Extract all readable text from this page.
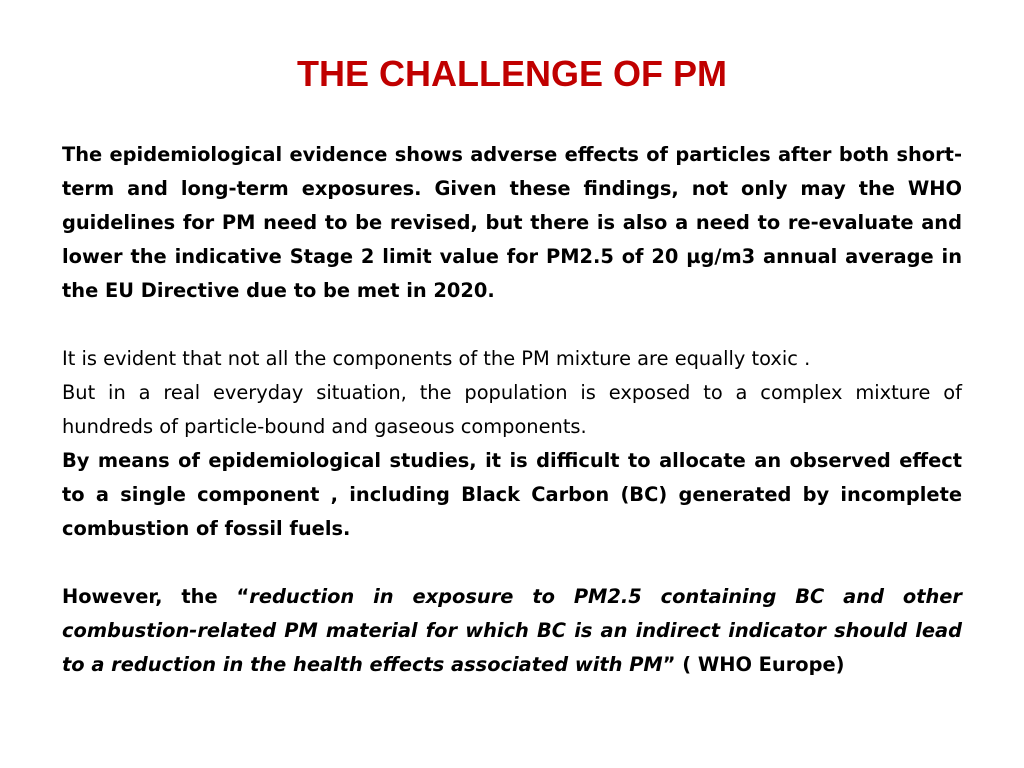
THE CHALLENGE OF PM

The epidemiological evidence shows adverse effects of particles after both short-term and long-term exposures. Given these findings, not only may the WHO guidelines for PM need to be revised, but there is also a need to re-evaluate and lower the indicative Stage 2 limit value for PM2.5 of 20 µg/m3 annual average in the EU Directive due to be met in 2020.

It is evident that not all the components of the PM mixture are equally toxic .

But in a real everyday situation, the population is exposed to a complex mixture of hundreds of particle-bound and gaseous components.

By means of epidemiological studies, it is difficult to allocate an observed effect to a single component , including Black Carbon (BC) generated by incomplete combustion of fossil fuels.

However, the “reduction in exposure to PM2.5 containing BC and other combustion-related PM material for which BC is an indirect indicator should lead to a reduction in the health effects associated with PM” ( WHO Europe)
